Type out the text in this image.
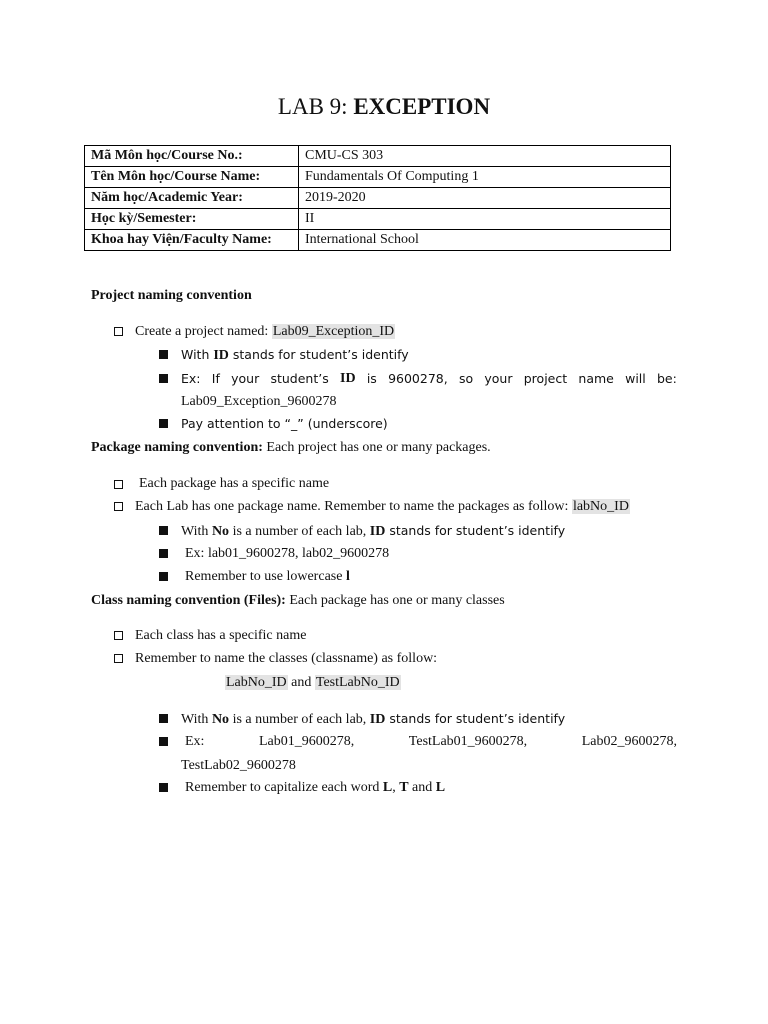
LAB 9: EXCEPTION
Mã Môn học/Course No.:	CMU-CS 303
Tên Môn học/Course Name:	Fundamentals Of Computing 1
Năm học/Academic Year:	2019-2020
Học kỳ/Semester:	II
Khoa hay Viện/Faculty Name:	International School
Project naming convention
Create a project named: Lab09_Exception_ID
With ID stands for student’s identify
Ex: If your student’s ID is 9600278, so your project name will be:
Lab09_Exception_9600278
Pay attention to “_” (underscore)
Package naming convention: Each project has one or many packages.
Each package has a specific name
Each Lab has one package name. Remember to name the packages as follow: labNo_ID
With No is a number of each lab, ID stands for student’s identify
Ex: lab01_9600278, lab02_9600278
Remember to use lowercase l
Class naming convention (Files): Each package has one or many classes
Each class has a specific name
Remember to name the classes (classname) as follow:
LabNo_ID and TestLabNo_ID
With No is a number of each lab, ID stands for student’s identify
Ex:	Lab01_9600278,	TestLab01_9600278,	Lab02_9600278,
TestLab02_9600278
Remember to capitalize each word L, T and L
